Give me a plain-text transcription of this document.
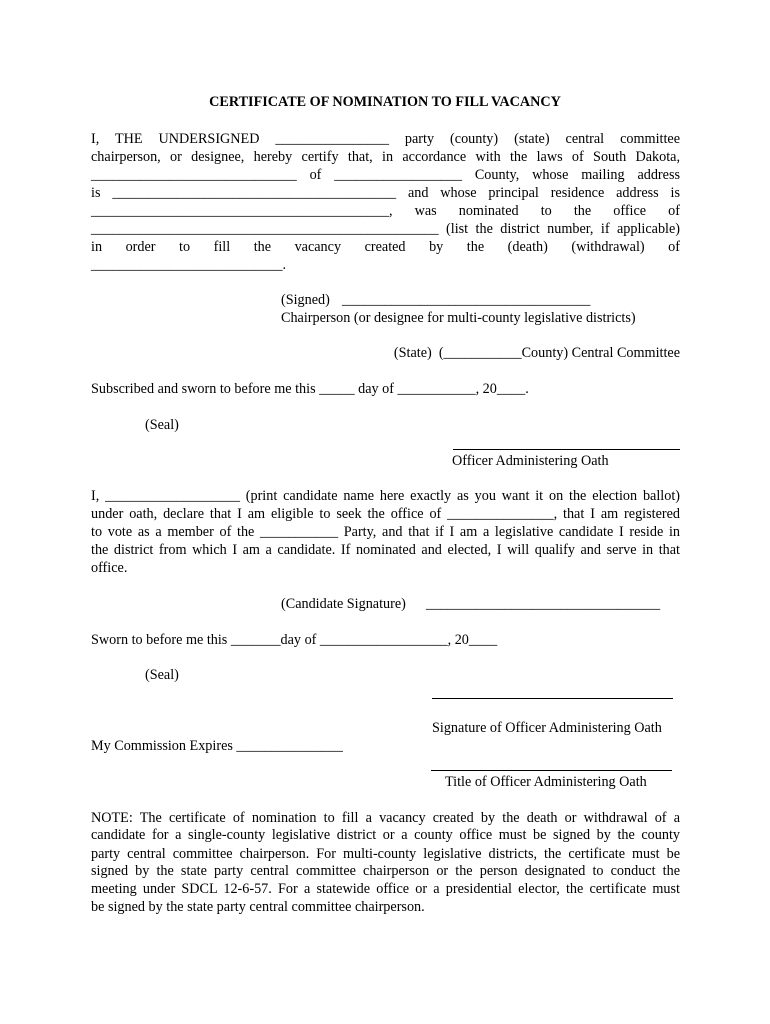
CERTIFICATE OF NOMINATION TO FILL VACANCY
I, THE UNDERSIGNED ________________ party (county) (state) central committee
chairperson, or designee, hereby certify that, in accordance with the laws of South Dakota,
_____________________________ of __________________ County, whose mailing address
is ________________________________________ and whose principal residence address is
__________________________________________, was nominated to the office of
_________________________________________________ (list the district number, if applicable)
in order to fill the vacancy created by the (death) (withdrawal) of
___________________________.
(Signed) ___________________________________
Chairperson (or designee for multi-county legislative districts)
(State)  (___________County) Central Committee
Subscribed and sworn to before me this _____ day of ___________, 20____.
(Seal)
Officer Administering Oath
I, ___________________ (print candidate name here exactly as you want it on the election ballot)
under oath, declare that I am eligible to seek the office of _______________, that I am registered
to vote as a member of the ___________ Party, and that if I am a legislative candidate I reside in
the district from which I am a candidate. If nominated and elected, I will qualify and serve in that
office.
(Candidate Signature) _________________________________
Sworn to before me this _______day of __________________, 20____
(Seal)
Signature of Officer Administering Oath
My Commission Expires _______________
Title of Officer Administering Oath
NOTE: The certificate of nomination to fill a vacancy created by the death or withdrawal of a
candidate for a single-county legislative district or a county office must be signed by the county
party central committee chairperson. For multi-county legislative districts, the certificate must be
signed by the state party central committee chairperson or the person designated to conduct the
meeting under SDCL 12-6-57. For a statewide office or a presidential elector, the certificate must
be signed by the state party central committee chairperson.
